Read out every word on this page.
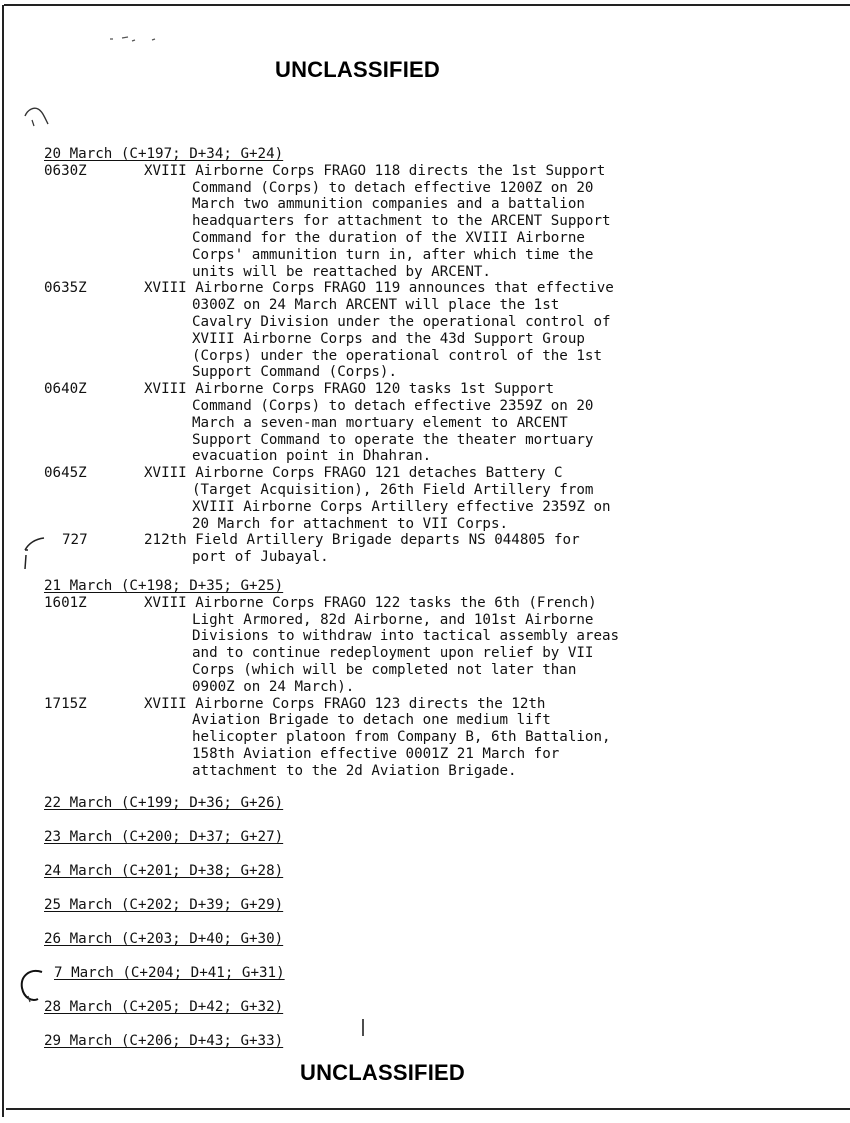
UNCLASSIFIED
UNCLASSIFIED
20 March (C+197; D+34; G+24)
0630Z	XVIII Airborne Corps FRAGO 118 directs the 1st Support
Command (Corps) to detach effective 1200Z on 20
March two ammunition companies and a battalion
headquarters for attachment to the ARCENT Support
Command for the duration of the XVIII Airborne
Corps' ammunition turn in, after which time the
units will be reattached by ARCENT.
0635Z	XVIII Airborne Corps FRAGO 119 announces that effective
0300Z on 24 March ARCENT will place the 1st
Cavalry Division under the operational control of
XVIII Airborne Corps and the 43d Support Group
(Corps) under the operational control of the 1st
Support Command (Corps).
0640Z	XVIII Airborne Corps FRAGO 120 tasks 1st Support
Command (Corps) to detach effective 2359Z on 20
March a seven-man mortuary element to ARCENT
Support Command to operate the theater mortuary
evacuation point in Dhahran.
0645Z	XVIII Airborne Corps FRAGO 121 detaches Battery C
(Target Acquisition), 26th Field Artillery from
XVIII Airborne Corps Artillery effective 2359Z on
20 March for attachment to VII Corps.
727	212th Field Artillery Brigade departs NS 044805 for
port of Jubayal.
21 March (C+198; D+35; G+25)
1601Z	XVIII Airborne Corps FRAGO 122 tasks the 6th (French)
Light Armored, 82d Airborne, and 101st Airborne
Divisions to withdraw into tactical assembly areas
and to continue redeployment upon relief by VII
Corps (which will be completed not later than
0900Z on 24 March).
1715Z	XVIII Airborne Corps FRAGO 123 directs the 12th
Aviation Brigade to detach one medium lift
helicopter platoon from Company B, 6th Battalion,
158th Aviation effective 0001Z 21 March for
attachment to the 2d Aviation Brigade.
22 March (C+199; D+36; G+26)
23 March (C+200; D+37; G+27)
24 March (C+201; D+38; G+28)
25 March (C+202; D+39; G+29)
26 March (C+203; D+40; G+30)
7 March (C+204; D+41; G+31)
28 March (C+205; D+42; G+32)
29 March (C+206; D+43; G+33)
